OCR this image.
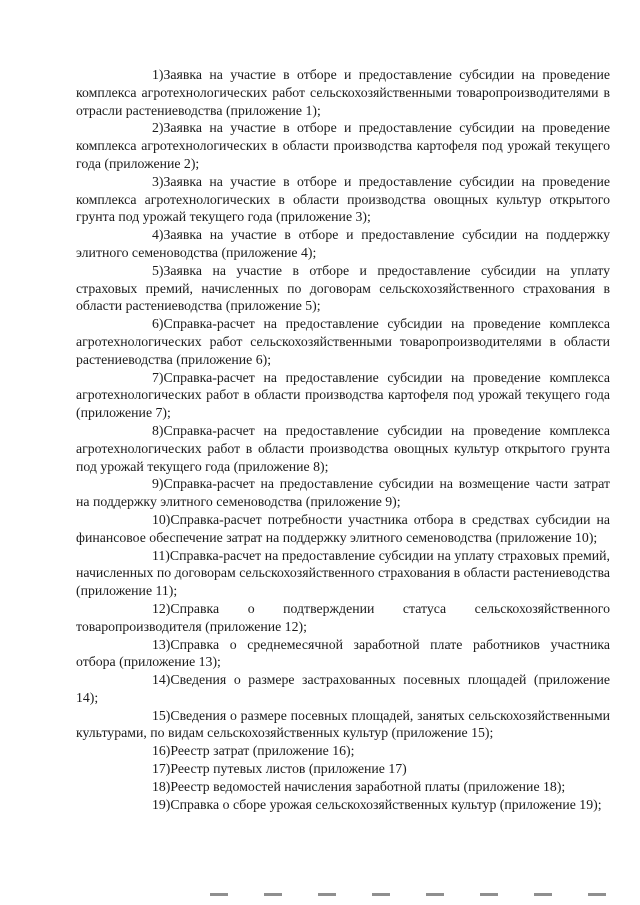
1)Заявка на участие в отборе и предоставление субсидии на проведение комплекса агротехнологических работ сельскохозяйственными товаропроизводителями в отрасли растениеводства (приложение 1);

2)Заявка на участие в отборе и предоставление субсидии на проведение комплекса агротехнологических в области производства картофеля под урожай текущего года (приложение 2);

3)Заявка на участие в отборе и предоставление субсидии на проведение комплекса агротехнологических в области производства овощных культур открытого грунта под урожай текущего года (приложение 3);

4)Заявка на участие в отборе и предоставление субсидии на поддержку элитного семеноводства (приложение 4);

5)Заявка на участие в отборе и предоставление субсидии на уплату страховых премий, начисленных по договорам сельскохозяйственного страхования в области растениеводства (приложение 5);

6)Справка-расчет на предоставление субсидии на проведение комплекса агротехнологических работ сельскохозяйственными товаропроизводителями в области растениеводства (приложение 6);

7)Справка-расчет на предоставление субсидии на проведение комплекса агротехнологических работ в области производства картофеля под урожай текущего года (приложение 7);

8)Справка-расчет на предоставление субсидии на проведение комплекса агротехнологических работ в области производства овощных культур открытого грунта под урожай текущего года (приложение 8);

9)Справка-расчет на предоставление субсидии на возмещение части затрат на поддержку элитного семеноводства (приложение 9);

10)Справка-расчет потребности участника отбора в средствах субсидии на финансовое обеспечение затрат на поддержку элитного семеноводства (приложение 10);

11)Справка-расчет на предоставление субсидии на уплату страховых премий, начисленных по договорам сельскохозяйственного страхования в области растениеводства (приложение 11);

12)Справка о подтверждении статуса сельскохозяйственного товаропроизводителя (приложение 12);

13)Справка о среднемесячной заработной плате работников участника отбора (приложение 13);

14)Сведения о размере застрахованных посевных площадей (приложение 14);

15)Сведения о размере посевных площадей, занятых сельскохозяйственными культурами, по видам сельскохозяйственных культур (приложение 15);

16)Реестр затрат (приложение 16);

17)Реестр путевых листов (приложение 17)

18)Реестр ведомостей начисления заработной платы (приложение 18);

19)Справка о сборе урожая сельскохозяйственных культур (приложение 19);
